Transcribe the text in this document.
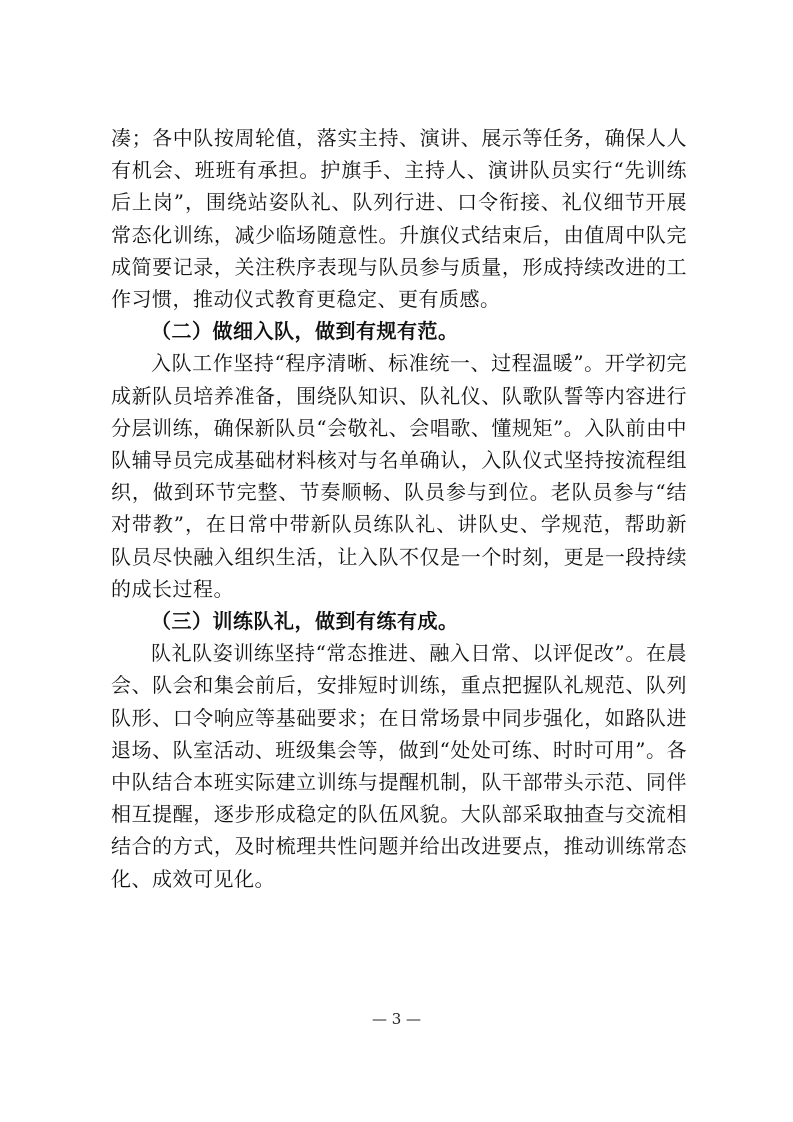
凑；各中队按周轮值，落实主持、演讲、展示等任务，确保人人有机会、班班有承担。护旗手、主持人、演讲队员实行“先训练后上岗”，围绕站姿队礼、队列行进、口令衔接、礼仪细节开展常态化训练，减少临场随意性。升旗仪式结束后，由值周中队完成简要记录，关注秩序表现与队员参与质量，形成持续改进的工作习惯，推动仪式教育更稳定、更有质感。

（二）做细入队，做到有规有范。

入队工作坚持“程序清晰、标准统一、过程温暖”。开学初完成新队员培养准备，围绕队知识、队礼仪、队歌队誓等内容进行分层训练，确保新队员“会敬礼、会唱歌、懂规矩”。入队前由中队辅导员完成基础材料核对与名单确认，入队仪式坚持按流程组织，做到环节完整、节奏顺畅、队员参与到位。老队员参与“结对带教”，在日常中带新队员练队礼、讲队史、学规范，帮助新队员尽快融入组织生活，让入队不仅是一个时刻，更是一段持续的成长过程。

（三）训练队礼，做到有练有成。

队礼队姿训练坚持“常态推进、融入日常、以评促改”。在晨会、队会和集会前后，安排短时训练，重点把握队礼规范、队列队形、口令响应等基础要求；在日常场景中同步强化，如路队进退场、队室活动、班级集会等，做到“处处可练、时时可用”。各中队结合本班实际建立训练与提醒机制，队干部带头示范、同伴相互提醒，逐步形成稳定的队伍风貌。大队部采取抽查与交流相结合的方式，及时梳理共性问题并给出改进要点，推动训练常态化、成效可见化。

— 3 —
